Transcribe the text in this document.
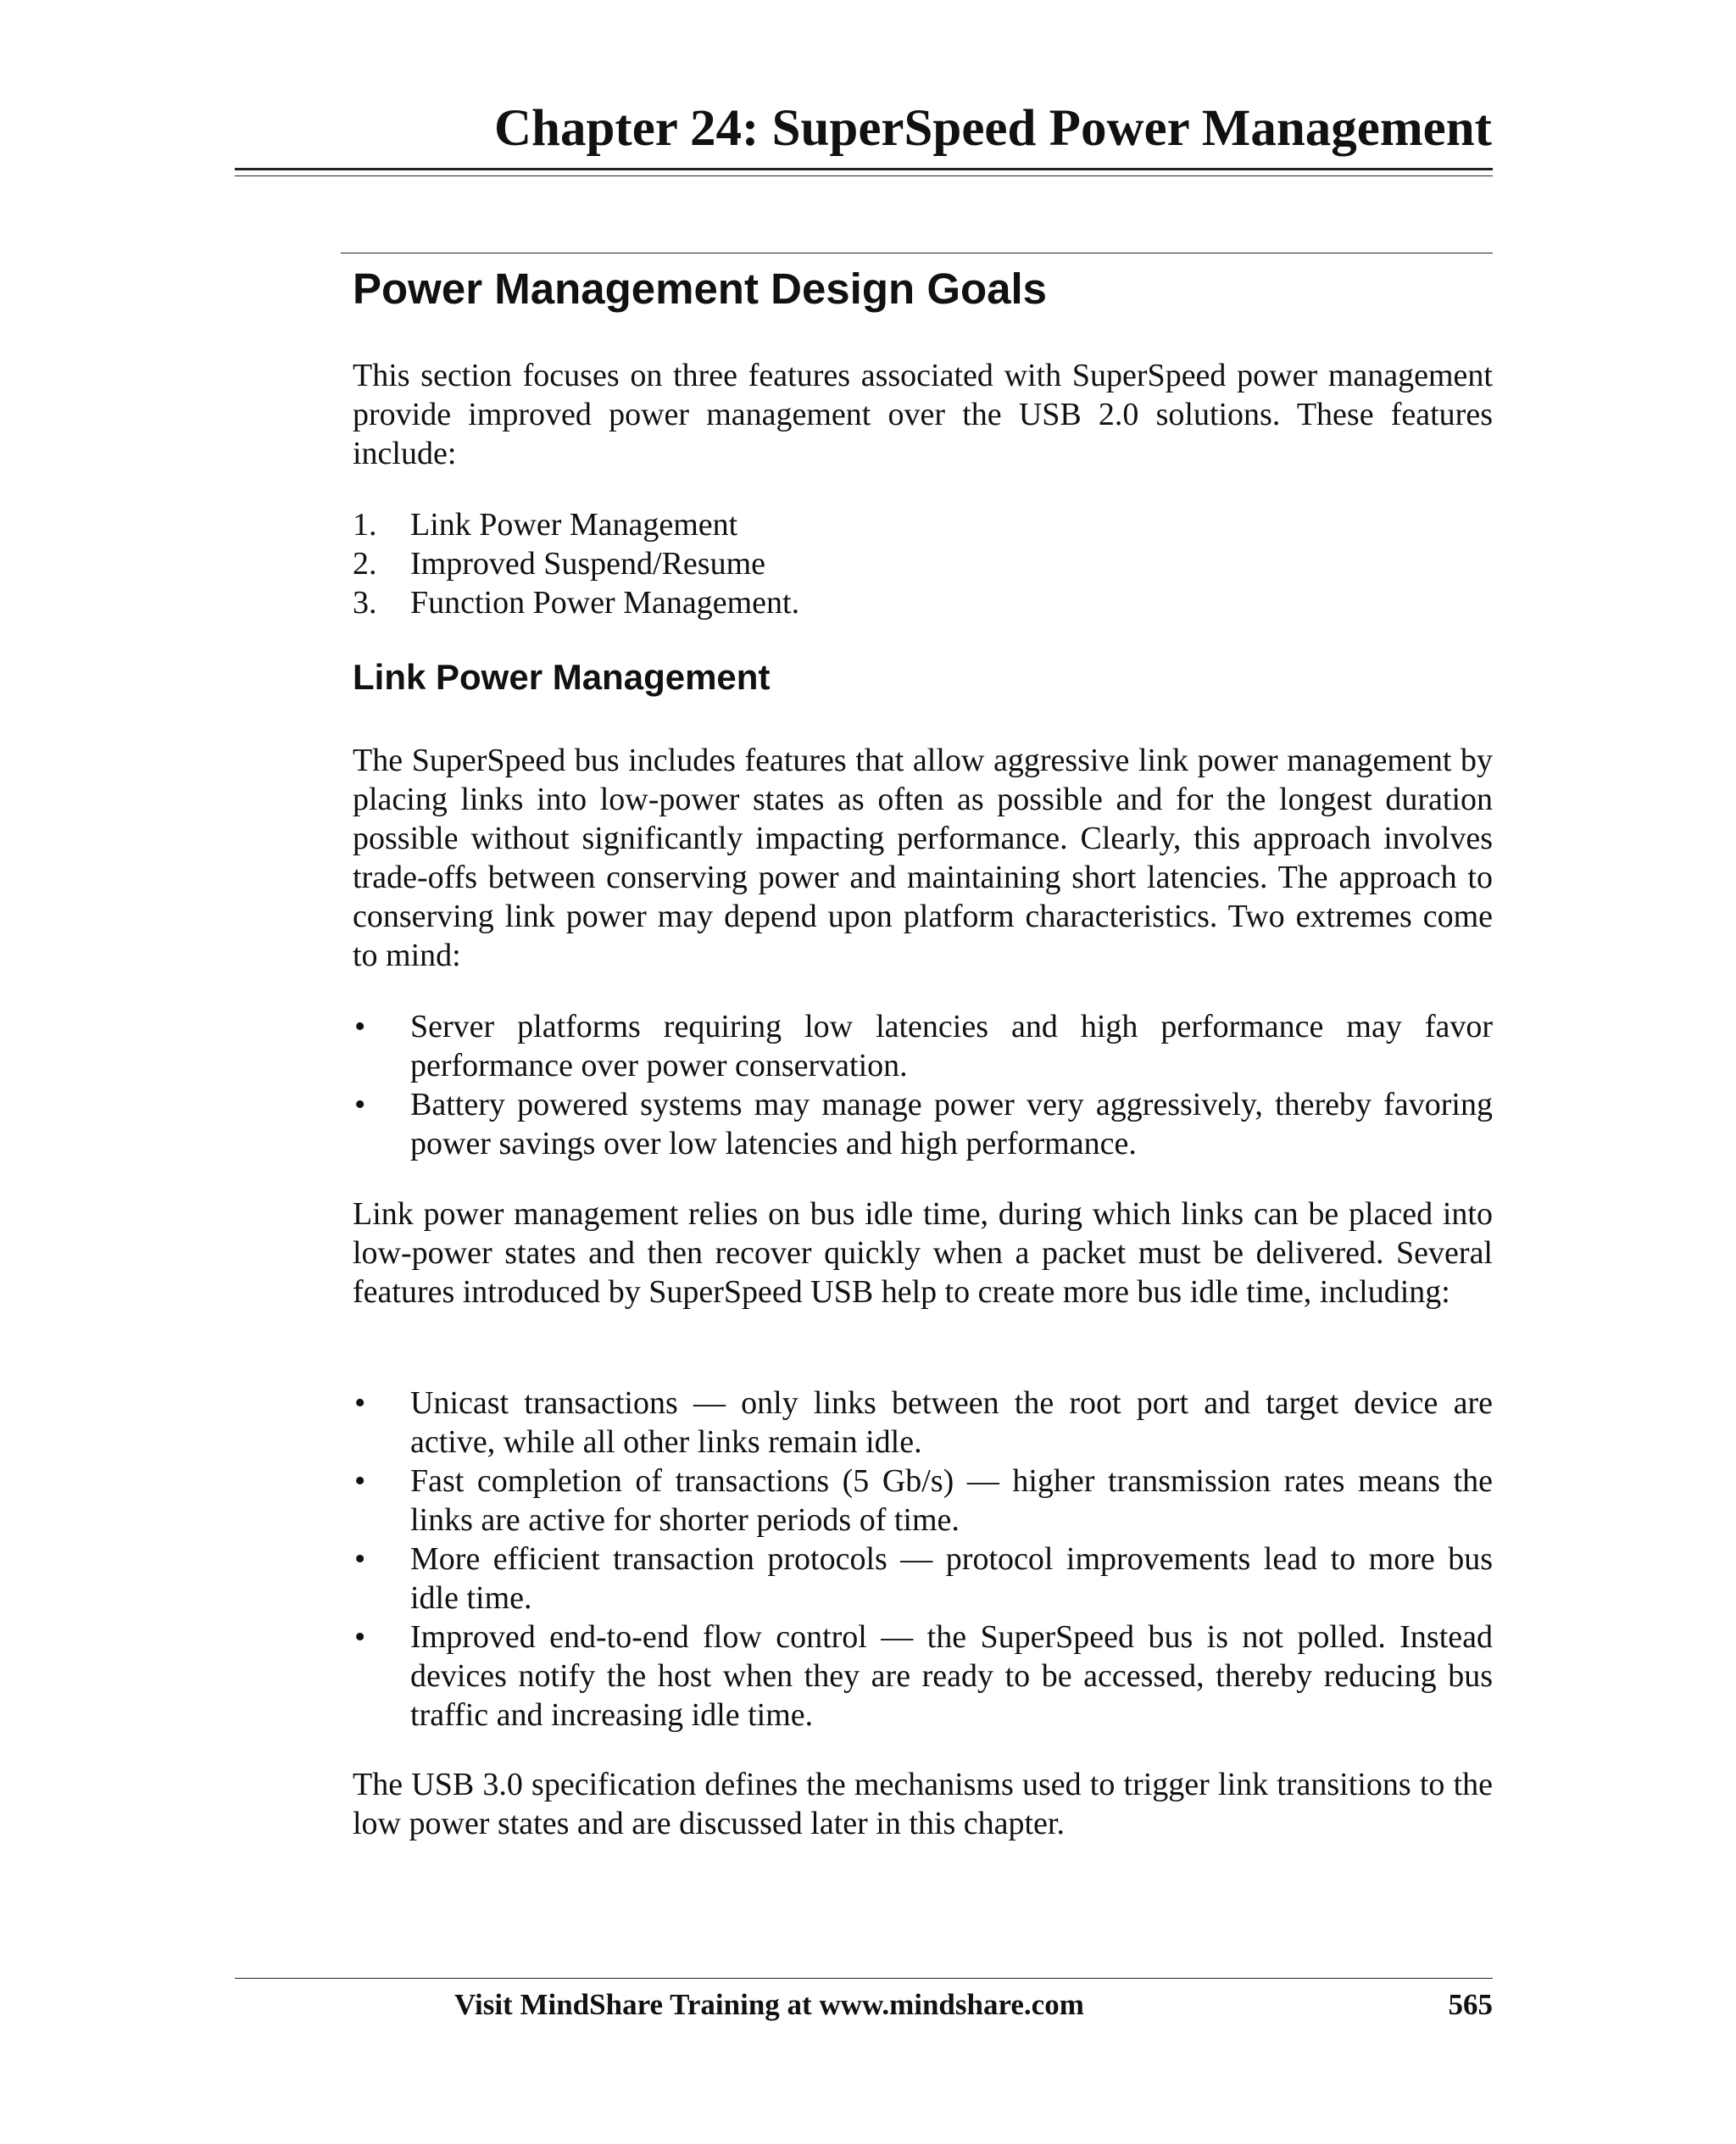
Chapter 24: SuperSpeed Power Management
Power Management Design Goals

This section focuses on three features associated with SuperSpeed power management provide improved power management over the USB 2.0 solutions. These features include:

1. Link Power Management
2. Improved Suspend/Resume
3. Function Power Management.
Link Power Management

The SuperSpeed bus includes features that allow aggressive link power management by placing links into low-power states as often as possible and for the longest duration possible without significantly impacting performance. Clearly, this approach involves trade-offs between conserving power and maintaining short latencies. The approach to conserving link power may depend upon platform characteristics. Two extremes come to mind:

• Server platforms requiring low latencies and high performance may favor performance over power conservation.
• Battery powered systems may manage power very aggressively, thereby favoring power savings over low latencies and high performance.

Link power management relies on bus idle time, during which links can be placed into low-power states and then recover quickly when a packet must be delivered. Several features introduced by SuperSpeed USB help to create more bus idle time, including:

• Unicast transactions — only links between the root port and target device are active, while all other links remain idle.
• Fast completion of transactions (5 Gb/s) — higher transmission rates means the links are active for shorter periods of time.
• More efficient transaction protocols — protocol improvements lead to more bus idle time.
• Improved end-to-end flow control — the SuperSpeed bus is not polled. Instead devices notify the host when they are ready to be accessed, thereby reducing bus traffic and increasing idle time.

The USB 3.0 specification defines the mechanisms used to trigger link transitions to the low power states and are discussed later in this chapter.

Visit MindShare Training at www.mindshare.com	565
